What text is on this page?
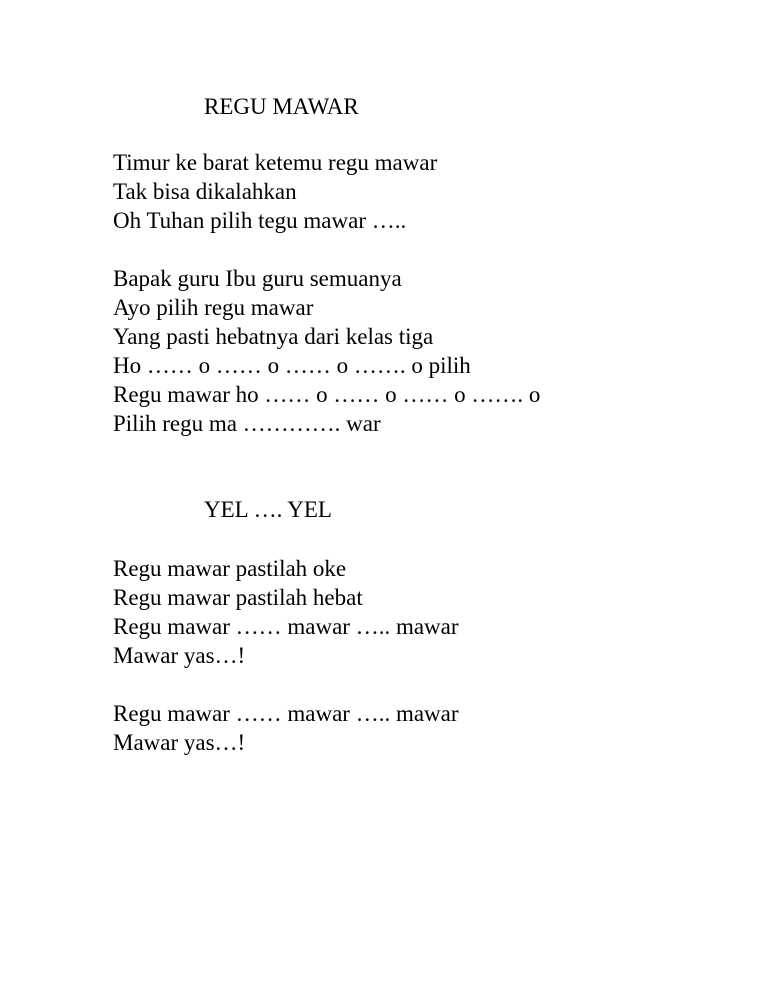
REGU MAWAR
Timur ke barat ketemu regu mawar
Tak bisa dikalahkan
Oh Tuhan pilih tegu mawar …..
Bapak guru Ibu guru semuanya
Ayo pilih regu mawar
Yang pasti hebatnya dari kelas tiga
Ho …… o …… o …… o ……. o pilih
Regu mawar ho …… o …… o …… o ……. o
Pilih regu ma …………. war
YEL …. YEL
Regu mawar pastilah oke
Regu mawar pastilah hebat
Regu mawar …… mawar ….. mawar
Mawar yas…!
Regu mawar …… mawar ….. mawar
Mawar yas…!
